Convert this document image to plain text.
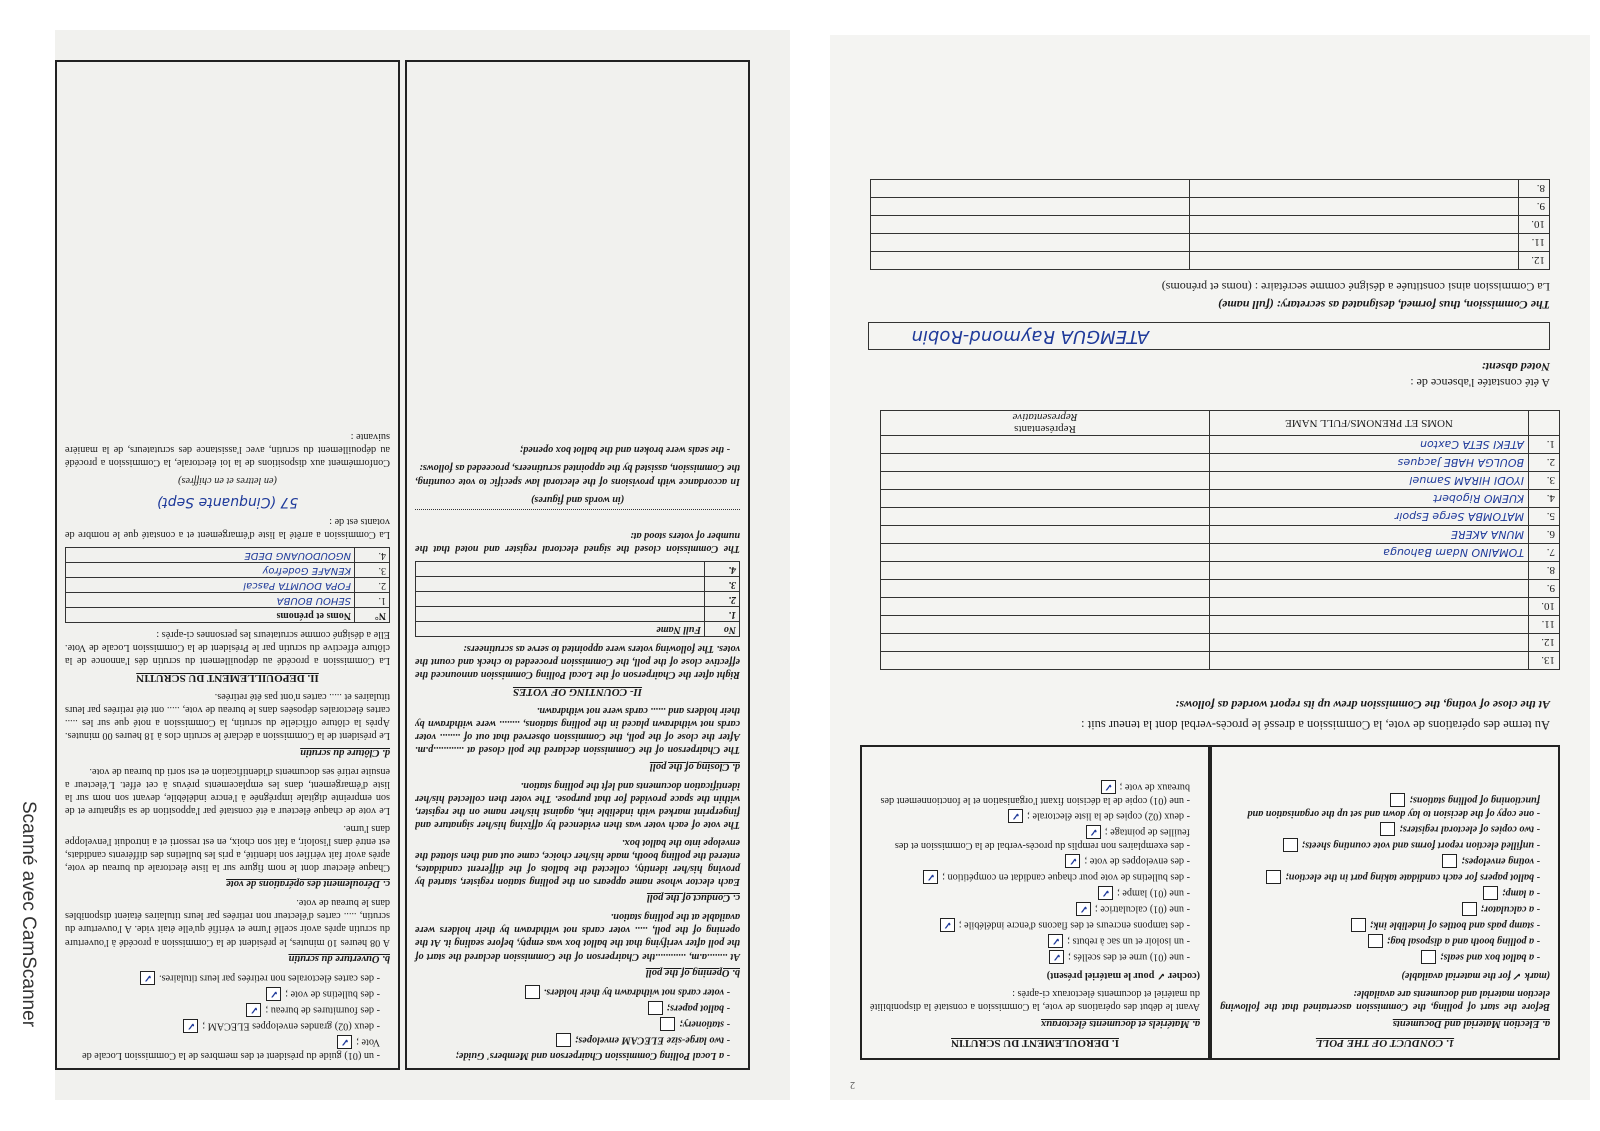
- un (01) guide du président et des membres de la Commission Locale de Vote ;✓
- deux (02) grandes enveloppes ELECAM ;✓
- des fournitures de bureau ;✓
- des bulletins de vote ;✓
- des cartes électorales non retirées par leurs titulaires.✓
b. Ouverture du scrutin

A 08 heures 10 minutes, le président de la Commission a procédé à l'ouverture du scrutin après avoir scellé l'urne et vérifié qu'elle était vide. A l'ouverture du scrutin, ..... cartes d'électeur non retirées par leurs titulaires étaient disponibles dans le bureau de vote.

c. Déroulement des opérations de vote

Chaque électeur dont le nom figure sur la liste électorale du bureau de vote, après avoir fait vérifier son identité, a pris les bulletins des différents candidats, est entré dans l'isoloir, a fait son choix, en est ressorti et a introduit l'enveloppe dans l'urne.

Le vote de chaque électeur a été constaté par l'apposition de sa signature et de son empreinte digitale imprégnée à l'encre indélébile, devant son nom sur la liste d'émargement, dans les emplacements prévus à cet effet. L'électeur a ensuite retiré ses documents d'identification et est sorti du bureau de vote.

d. Clôture du scrutin

Le président de la Commission a déclaré le scrutin clos à 18 heures 00 minutes. Après la clôture officielle du scrutin, la Commission a noté que sur les ..... cartes électorales déposées dans le bureau de vote, ..... ont été retirées par leurs titulaires et ..... cartes n'ont pas été retirées.

II. DEPOUILLEMENT DU SCRUTIN

La Commission a procédé au dépouillement du scrutin dès l'annonce de la clôture effective du scrutin par le Président de la Commission Locale de Vote. Elle a désigné comme scrutateurs les personnes ci-après :

N°	Noms et prénoms
1.	SEHOU BOUBA
2.	FOPA DOUMTA Pascal
3.	KENAFE Godefroy
4.	NGOUDOUANG DEDE

La Commission a arrêté la liste d'émargement et a constaté que le nombre de votants est de :

57 (Cinquante Sept)

(en lettres et en chiffres)

Conformément aux dispositions de la loi électorale, la Commission a procédé au dépouillement du scrutin, avec l'assistance des scrutateurs, de la manière suivante :

- a Local Polling Commission Chairperson and Members' Guide;
- two large-size ELECAM envelopes;
- stationery;
- ballot papers;
- voter cards not withdrawn by their holders.
b. Opening of the poll

At ........a.m, ............the Chairperson of the Commission declared the start of the poll after verifying that the ballot box was empty, before sealing it. At the opening of the poll, ..... voter cards not withdrawn by their holders were available at the polling station.

c. Conduct of the poll

Each elector whose name appears on the polling station register, started by proving his/her identity, collected the ballots of the different candidates, entered the polling booth, made his/her choice, came out and then slotted the envelope into the ballot box.

The vote of each voter was then evidenced by affixing his/her signature and fingerprint marked with indelible ink, against his/her name on the register, within the space provided for that purpose. The voter then collected his/her identification documents and left the polling station.

d. Closing of the poll

The Chairperson of the Commission declared the poll closed at ............p.m. After the close of the poll, the Commission observed that out of ........ voter cards not withdrawn placed in the polling stations, ........ were withdrawn by their holders and ...... cards were not withdrawn.

II- COUNTING OF VOTES

Right after the Chairperson of the Local Polling Commission announced the effective close of the poll, the Commission proceeded to check and count the votes. The following voters were appointed to serve as scrutineers:

No	Full Name
1.	
2.	
3.	
4.	

The Commission closed the signed electoral register and noted that the number of voters stood at:

(in words and figures)

In accordance with provisions of the electoral law specific to vote counting, the Commission, assisted by the appointed scrutineers, proceeded as follows:

- the seals were broken and the ballot box opened;
2
I. DEROULEMENT DU SCRUTIN
a. Matériels et documents électoraux

Avant le début des opérations de vote, la Commission a constaté la disponibilité du matériel et documents électoraux ci-après :

(cocher ✓ pour le matériel présent)

- une (01) urne et des scellés ;✓
- un isoloir et un sac à rebuts ;✓
- des tampons encreurs et des flacons d'encre indélébile ;✓
- une (01) calculatrice ;✓
- une (01) lampe ;✓
- des bulletins de vote pour chaque candidat en compétition ;✓
- des enveloppes de vote ;✓
- des exemplaires non remplis du procès-verbal de la Commission et des feuilles de pointage ;✓
- deux (02) copies de la liste électorale ;✓
- une (01) copie de la décision fixant l'organisation et le fonctionnement des bureaux de vote ;✓
1. CONDUCT OF THE POLL
a. Election Material and Documents

Before the start of polling, the Commission ascertained that the following election material and documents are available:

(mark ✓ for the material available)

- a ballot box and seals;
- a polling booth and a disposal bag;
- stamp pads and bottles of indelible ink;
- a calculator;
- a lamp;
- ballot papers for each candidate taking part in the election;
- voting envelopes;
- unfilled election report forms and vote counting sheets;
- two copies of electoral registers;
- one copy of the decision to lay down and set up the organisation and functioning of polling stations;
Au terme des opérations de vote, la Commission a dressé le procès-verbal dont la teneur suit :
At the close of voting, the Commission drew up its report worded as follows:
13.		
12.		
11.		
10.		
9.		
8.		
7.	TOMAINO Ndam Bahouga	
6.	MUNA AKERE	
5.	MATOMBA Serge Espoir	
4.	KUEMO Rigobert	
3.	IYODI HIRAM Samuel	
2.	BOULGA HABE Jacques	
1.	ATEKI SETA Caxton	
	NOMS ET PRENOMS/FULL NAME	Représentants
Representative
A été constatée l'absence de :
Noted absent:
ATEMGUA Raymond-Robin
The Commission, thus formed, designated as secretary: (full name)
La Commission ainsi constituée a désigné comme secrétaire : (noms et prénoms)
12.		
11.		
10.		
9.		
8.		
Scanné avec CamScanner
